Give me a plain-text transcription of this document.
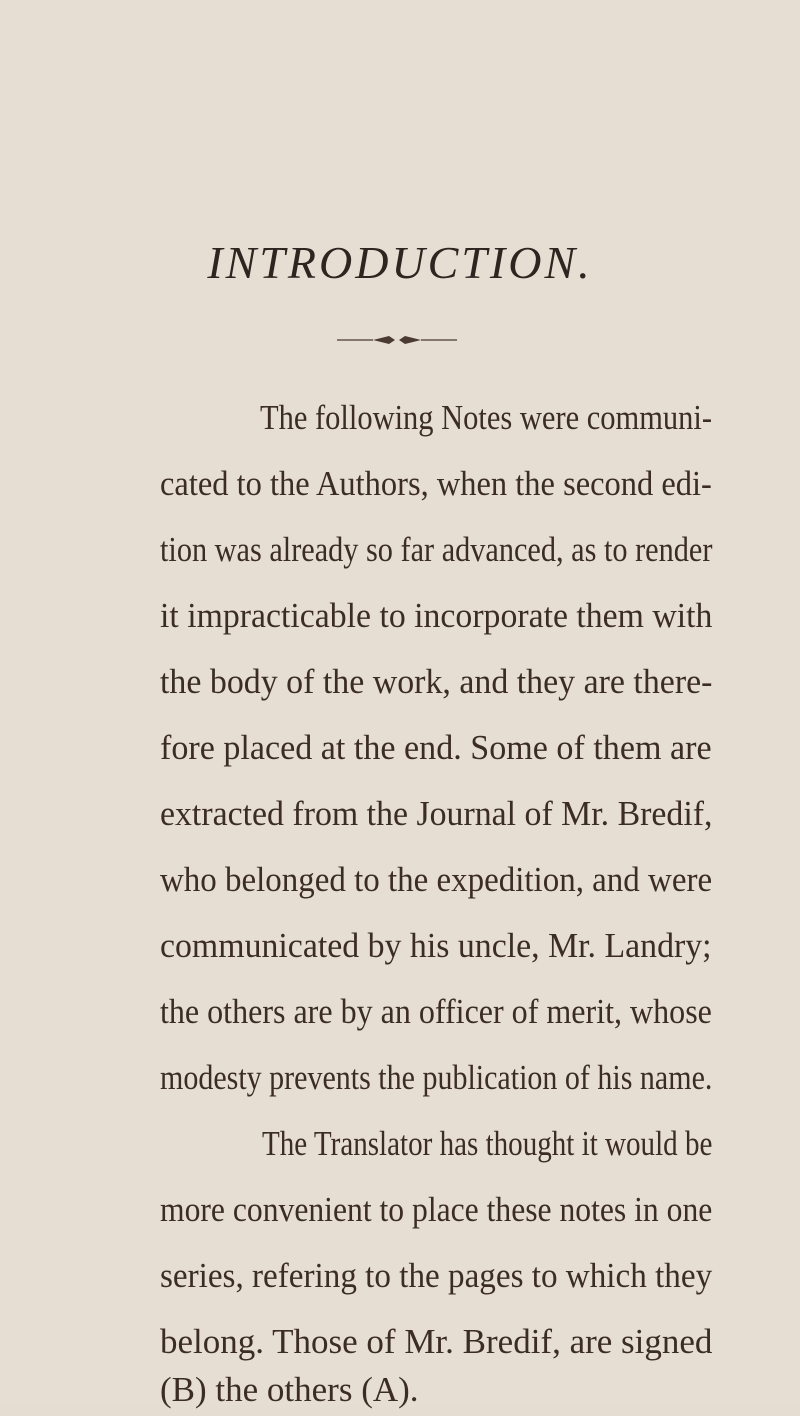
INTRODUCTION.
The following Notes were communi-
cated to the Authors, when the second edi-
tion was already so far advanced, as to render
it impracticable to incorporate them with
the body of the work, and they are there-
fore placed at the end. Some of them are
extracted from the Journal of Mr. Bredif,
who belonged to the expedition, and were
communicated by his uncle, Mr. Landry;
the others are by an officer of merit, whose
modesty prevents the publication of his name.
The Translator has thought it would be
more convenient to place these notes in one
series, refering to the pages to which they
belong. Those of Mr. Bredif, are signed
(B) the others (A).
